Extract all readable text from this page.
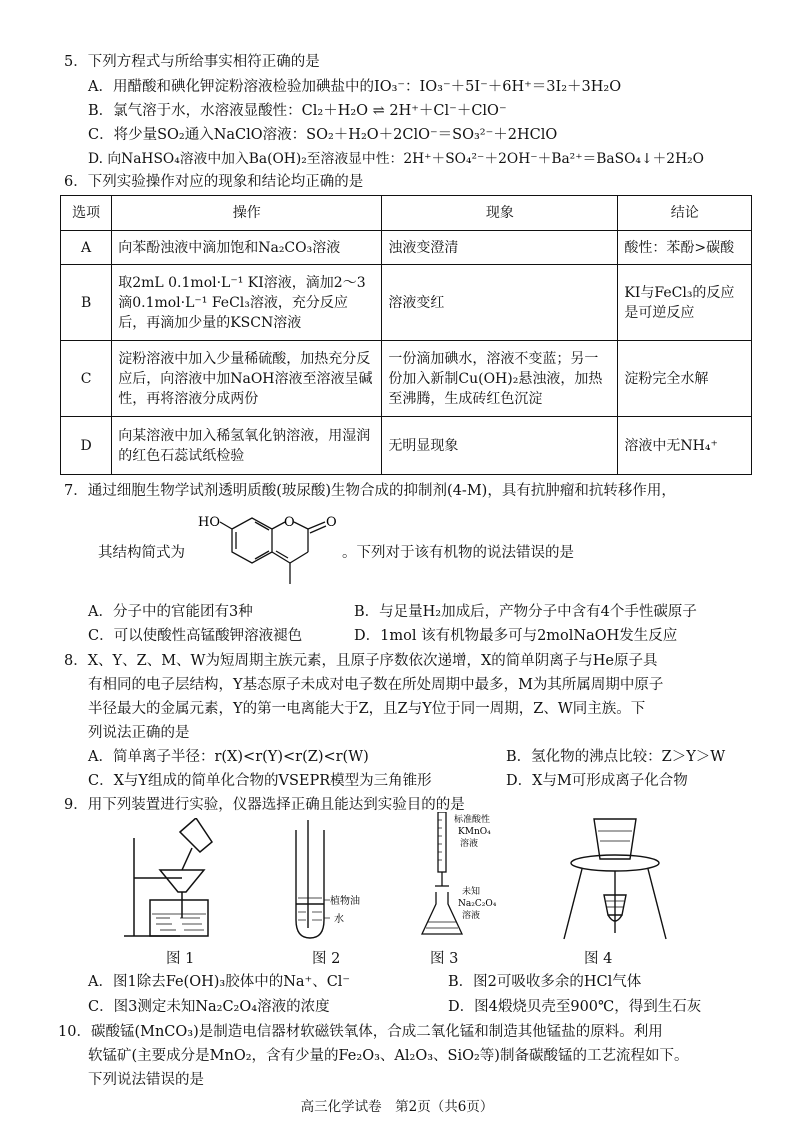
5．下列方程式与所给事实相符正确的是
A．用醋酸和碘化钾淀粉溶液检验加碘盐中的IO₃⁻：IO₃⁻＋5I⁻＋6H⁺＝3I₂＋3H₂O
B．氯气溶于水，水溶液显酸性：Cl₂＋H₂O ⇌ 2H⁺＋Cl⁻＋ClO⁻
C．将少量SO₂通入NaClO溶液：SO₂＋H₂O＋2ClO⁻＝SO₃²⁻＋2HClO
D. 向NaHSO₄溶液中加入Ba(OH)₂至溶液显中性：2H⁺＋SO₄²⁻＋2OH⁻＋Ba²⁺＝BaSO₄↓＋2H₂O
6．下列实验操作对应的现象和结论均正确的是
选项	操作	现象	结论
A	向苯酚浊液中滴加饱和Na₂CO₃溶液	浊液变澄清	酸性：苯酚>碳酸
B	取2mL 0.1mol·L⁻¹ KI溶液，滴加2～3滴0.1mol·L⁻¹ FeCl₃溶液，充分反应后，再滴加少量的KSCN溶液	溶液变红	KI与FeCl₃的反应是可逆反应
C	淀粉溶液中加入少量稀硫酸，加热充分反应后，向溶液中加NaOH溶液至溶液呈碱性，再将溶液分成两份	一份滴加碘水，溶液不变蓝；另一份加入新制Cu(OH)₂悬浊液，加热至沸腾，生成砖红色沉淀	淀粉完全水解
D	向某溶液中加入稀氢氧化钠溶液，用湿润的红色石蕊试纸检验	无明显现象	溶液中无NH₄⁺
7．通过细胞生物学试剂透明质酸(玻尿酸)生物合成的抑制剂(4-M)，具有抗肿瘤和抗转移作用，
其结构简式为
HO	O O
。下列对于该有机物的说法错误的是
A．分子中的官能团有3种	B．与足量H₂加成后，产物分子中含有4个手性碳原子
C．可以使酸性高锰酸钾溶液褪色	D．1mol 该有机物最多可与2molNaOH发生反应
8．X、Y、Z、M、W为短周期主族元素，且原子序数依次递增，X的简单阴离子与He原子具
有相同的电子层结构，Y基态原子未成对电子数在所处周期中最多，M为其所属周期中原子
半径最大的金属元素，Y的第一电离能大于Z，且Z与Y位于同一周期，Z、W同主族。下
列说法正确的是
A．简单离子半径：r(X)<r(Y)<r(Z)<r(W)	B．氢化物的沸点比较：Z＞Y＞W
C．X与Y组成的简单化合物的VSEPR模型为三角锥形	D．X与M可形成离子化合物
9．用下列装置进行实验，仪器选择正确且能达到实验目的的是
图 1
植物油
水
图 2
标准酸性
KMnO₄
溶液
未知
Na₂C₂O₄
溶液
图 3	图 4
A．图1除去Fe(OH)₃胶体中的Na⁺、Cl⁻	B．图2可吸收多余的HCl气体
C．图3测定未知Na₂C₂O₄溶液的浓度	D．图4煅烧贝壳至900℃，得到生石灰
10．碳酸锰(MnCO₃)是制造电信器材软磁铁氧体，合成二氧化锰和制造其他锰盐的原料。利用
软锰矿(主要成分是MnO₂，含有少量的Fe₂O₃、Al₂O₃、SiO₂等)制备碳酸锰的工艺流程如下。
下列说法错误的是
高三化学试卷　第2页（共6页）
